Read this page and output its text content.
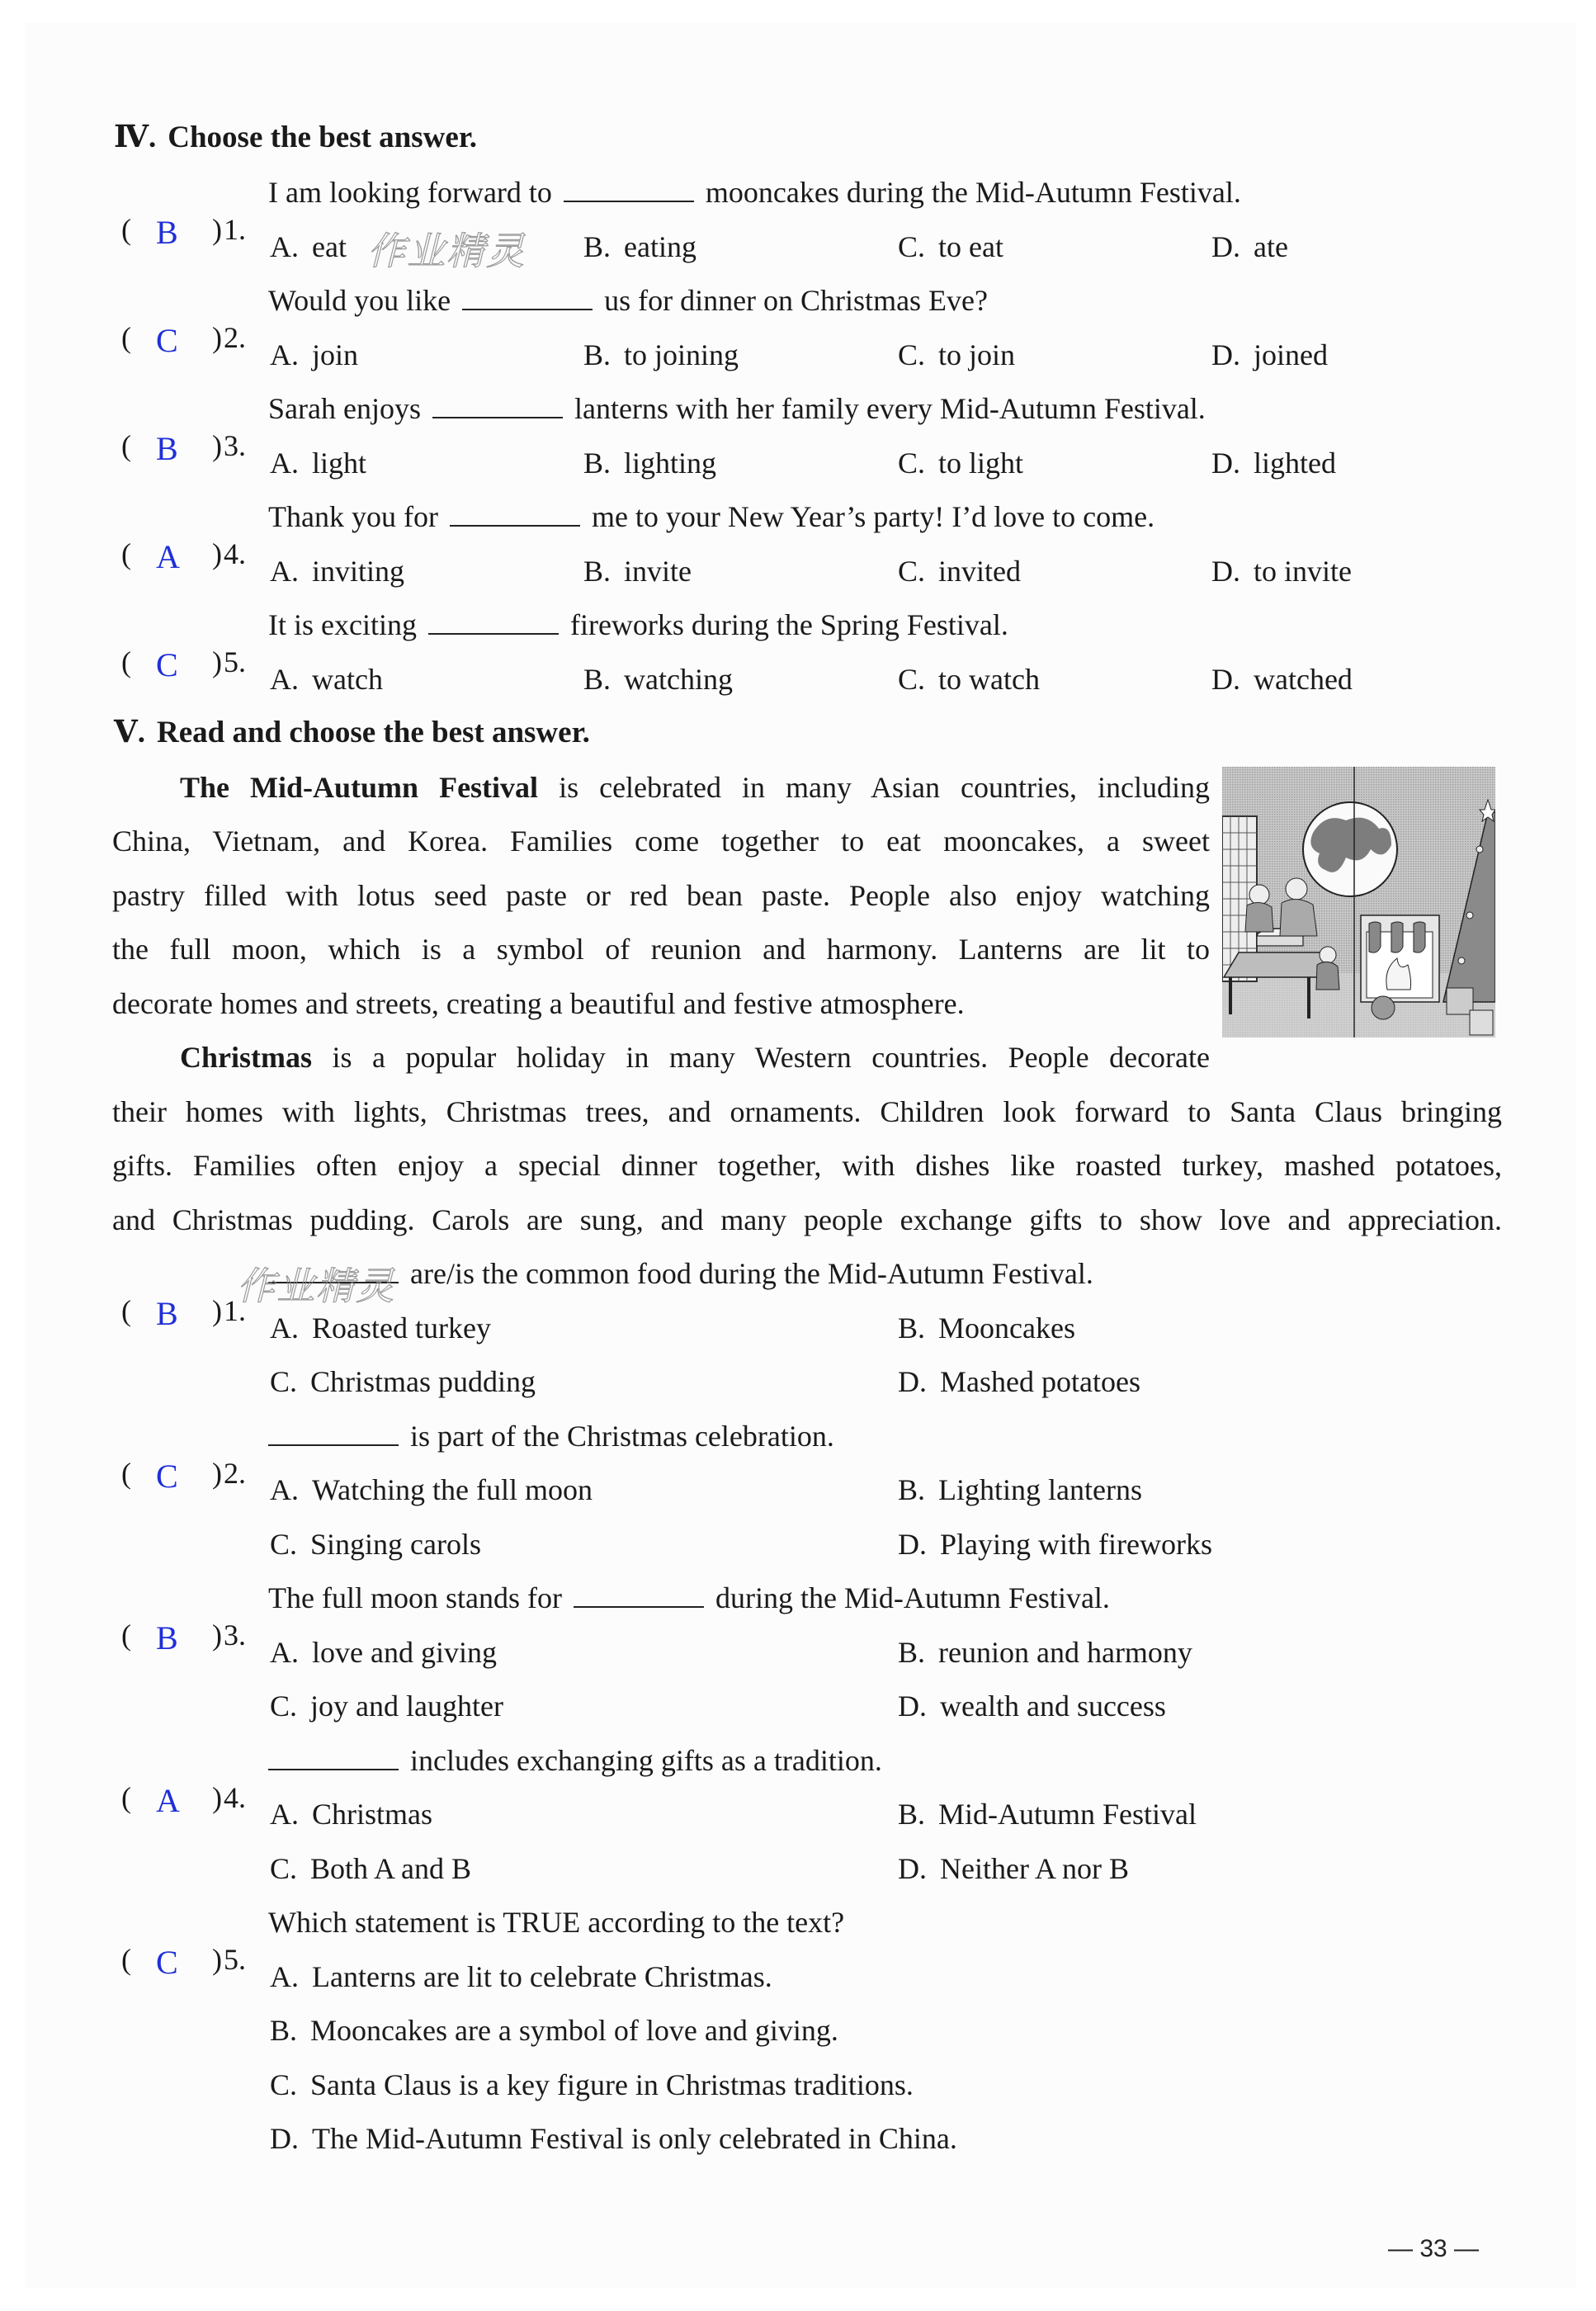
Ⅳ. Choose the best answer.
( B ) 1.
I am looking forward to	mooncakes during the Mid-Autumn Festival.
A. eat	B. eating	C. to eat	D. ate
( C ) 2.
Would you like	us for dinner on Christmas Eve?
A. join	B. to joining	C. to join	D. joined
( B ) 3.
Sarah enjoys	lanterns with her family every Mid-Autumn Festival.
A. light	B. lighting	C. to light	D. lighted
( A ) 4.
Thank you for	me to your New Year’s party! I’d love to come.
A. inviting	B. invite	C. invited	D. to invite
( C ) 5.
It is exciting	fireworks during the Spring Festival.
A. watch	B. watching	C. to watch	D. watched
Ⅴ. Read and choose the best answer.
The Mid-Autumn Festival is celebrated in many Asian countries, including
China, Vietnam, and Korea. Families come together to eat mooncakes, a sweet
pastry filled with lotus seed paste or red bean paste. People also enjoy watching
the full moon, which is a symbol of reunion and harmony. Lanterns are lit to
decorate homes and streets, creating a beautiful and festive atmosphere.
Christmas is a popular holiday in many Western countries. People decorate
their homes with lights, Christmas trees, and ornaments. Children look forward to Santa Claus bringing
gifts. Families often enjoy a special dinner together, with dishes like roasted turkey, mashed potatoes,
and Christmas pudding. Carols are sung, and many people exchange gifts to show love and appreciation.
( B ) 1.
are/is the common food during the Mid-Autumn Festival.
A. Roasted turkey	B. Mooncakes
C. Christmas pudding	D. Mashed potatoes
( C ) 2.
is part of the Christmas celebration.
A. Watching the full moon	B. Lighting lanterns
C. Singing carols	D. Playing with fireworks
( B ) 3.
The full moon stands for	during the Mid-Autumn Festival.
A. love and giving	B. reunion and harmony
C. joy and laughter	D. wealth and success
( A ) 4.
includes exchanging gifts as a tradition.
A. Christmas	B. Mid-Autumn Festival
C. Both A and B	D. Neither A nor B
( C ) 5.
Which statement is TRUE according to the text?
A. Lanterns are lit to celebrate Christmas.
B. Mooncakes are a symbol of love and giving.
C. Santa Claus is a key figure in Christmas traditions.
D. The Mid-Autumn Festival is only celebrated in China.
— 33 —
